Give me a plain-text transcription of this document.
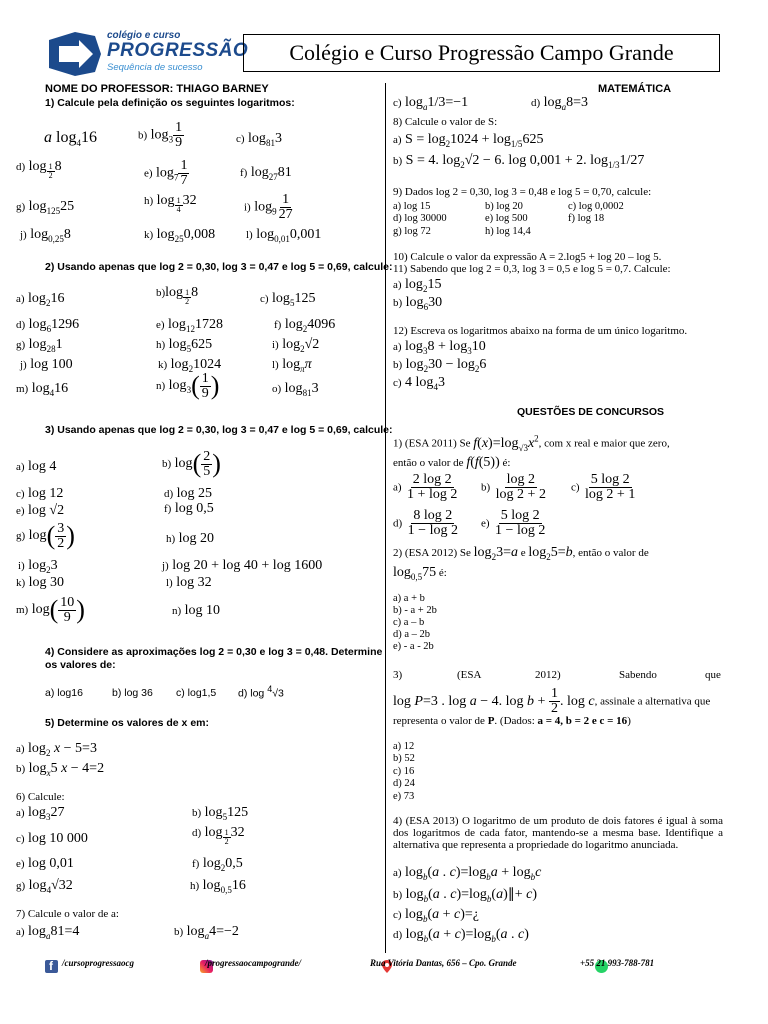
colégio e curso
PROGRESSÃO
Sequência de sucesso
Colégio e Curso Progressão Campo Grande
NOME DO PROFESSOR: THIAGO BARNEY
1) Calcule pela definição os seguintes logaritmos:
a $\log_416$	b) $\log_3 \frac{1}{9}$	c) $\log_{81}3$
d) log $_{\frac{1}{2}}$ 8	e) $\log_7 \frac{1}{7}$	f) $\log_{27}81$
g) $\log_{125}25$	h) log $_{\frac{1}{4}}$ 32	i) $\log_9 \frac{1}{27}$
j) $\log_{0,25}8$	k) $\log_{25}0,008$	l) $\log_{0,01}0,001$
2) Usando apenas que log 2 = 0,30, log 3 = 0,47 e log 5 = 0,69, calcule:
a) $\log_216$	b)log $_{\frac{1}{2}}$ 8	c) $\log_5125$
d) $\log_61296$	e) $\log_{12}1728$	f) $\log_24096$
g) $\log_{28}1$	h) $\log_5625$	i) $\log_2√2$
j) log 100	k) $\log_21024$	l) $\log_\pi\pi$
m) $\log_416$	n) $\log_3( \frac{1}{9}$ )	o) $\log_{81}3$
3) Usando apenas que log 2 = 0,30, log 3 = 0,47 e log 5 = 0,69, calcule:
a) log 4	b) $\log( \frac{2}{5}$ )
c) log 12	d) log 25
e) log √2	f) log 0,5
g) $\log( \frac{3}{2}$ )	h) log 20
i) $\log_23$	j) log 20 + log 40 + log 1600
k) log 30	l) log 32
m) $\log( \frac{10}{9}$ )	n) log 10
4) Considere as aproximações log 2 = 0,30 e log 3 = 0,48. Determine os valores de:
a) log16	b) log 36 c) log1,5 d) log $^4$√3
5) Determine os valores de x em:
a) $\log_2 x - 5=3$
b) $\log_x5$ x − 4=2
6) Calcule:
a) $\log_327$	b) $\log_5125$
c) log 10 000	d) log $_{\frac{1}{2}}$ 32
e) log 0,01	f) $\log_20,5$
g) $\log_4√32$	h) $\log_{0,5}16$
7) Calcule o valor de a:
a) $\log_a81=4$	b) $\log_a4=-2$
MATEMÁTICA
c) $\log_a1/3=-1$	d) $\log_a8=3$
8) Calcule o valor de S:
a) $S = \log_21024 + \log_{1/5}625$
b) S = 4. $\log_2√2 - 6$. log 0,001 + 2. $\log_{1/3}1/27$
9) Dados log 2 = 0,30, log 3 = 0,48 e log 5 = 0,70, calcule:
a) log 15	b) log 20	c) log 0,0002
d) log 30000	e) log 500	f) log 18
g) log 72	h) log 14,4
10) Calcule o valor da expressão A = 2.log5 + log 20 – log 5.
11) Sabendo que log 2 = 0,3, log 3 = 0,5 e log 5 = 0,7. Calcule:
a) $\log_215$
b) $\log_630$
12) Escreva os logaritmos abaixo na forma de um único logaritmo.
a) $\log_38 + \log_310$
b) $\log_230 - \log_26$
c) 4 $\log_43$
QUESTÕES DE CONCURSOS
1) (ESA 2011) Se $f(x)=\log_{√3}x^2$, com x real e maior que zero,
então o valor de f(f(5)) é:
$a) \frac{2 \log 2}{1 + \log 2} b) \frac{\log 2}{\log 2 + 2} c) \frac{5 \log 2}{\log 2 + 1}$
$d) \frac{8 \log 2}{1 - \log 2} e) \frac{5 \log 2}{1 - \log 2}$
2) (ESA 2012) Se $\log_23=a$ e $\log_25=b$, então o valor de
$\log_{0,5}75$ é:
a) a + b
b) - a + 2b
c) a – b
d) a – 2b
e) - a - 2b
3)	(ESA	2012)	Sabendo	que
log P=3 . log a − 4. $\log b + \frac{1}{2}$ . log c, assinale a alternativa que
representa o valor de P. (Dados: a = 4, b = 2 e c = 16)
a) 12
b) 52
c) 16
d) 24
e) 73
4) (ESA 2013) O logaritmo de um produto de dois fatores é igual à soma dos logaritmos de cada fator, mantendo-se a mesma base. Identifique a alternativa que representa a propriedade do logaritmo anunciada.
a) $\log_b(a$ . $c)=\log_ba + \log_bc$
b) $\log_b(a$ . $c)=\log_b(a)\parallel+ c$)
c) $\log_b(a$ + c)=¿
d) $\log_b(a + c)=\log_b(a$ . c)
f /cursoprogressaocg	/progressaocampogrande/	Rua Vitória Dantas, 656 – Cpo. Grande	+55 21 993-788-781
